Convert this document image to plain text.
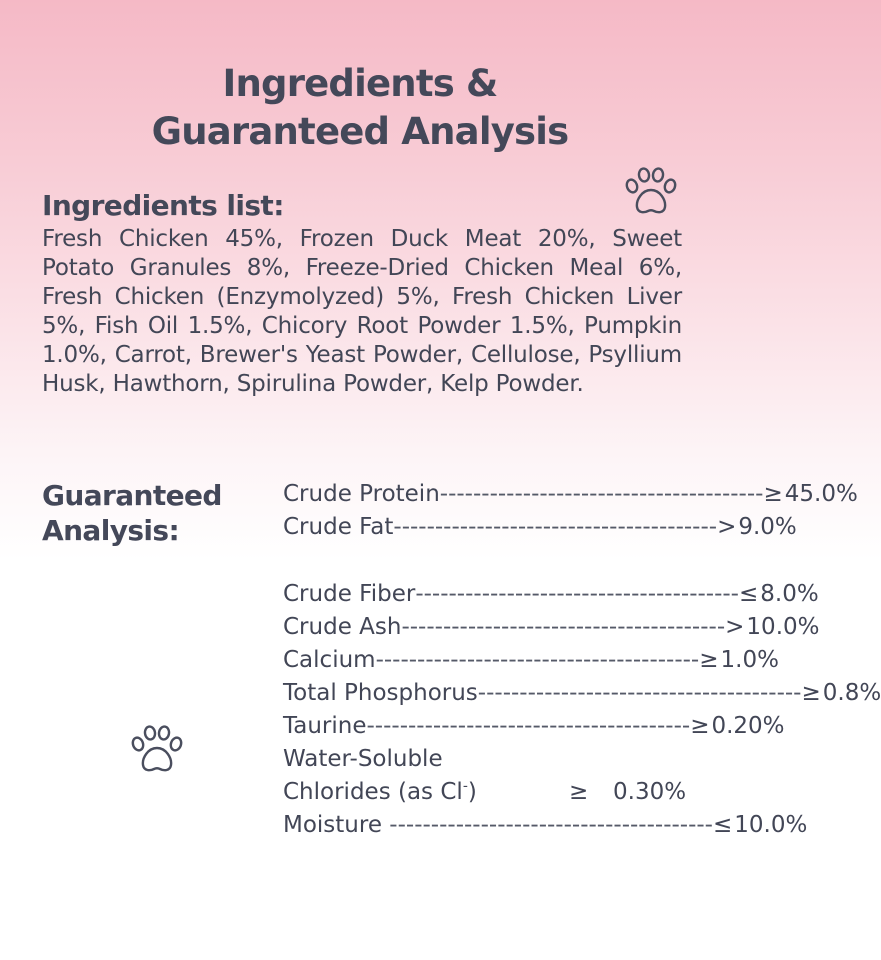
Ingredients &
Guaranteed Analysis
Ingredients list:
Fresh Chicken 45%, Frozen Duck Meat 20%, Sweet Potato Granules 8%, Freeze-Dried Chicken Meal 6%, Fresh Chicken (Enzymolyzed) 5%, Fresh Chicken Liver 5%, Fish Oil 1.5%, Chicory Root Powder 1.5%, Pumpkin 1.0%, Carrot, Brewer's Yeast Powder, Cellulose, Psyllium Husk, Hawthorn, Spirulina Powder, Kelp Powder.
Guaranteed
Analysis:
Crude Protein --------------------------------------- ≥ 45.0%
Crude Fat --------------------------------------- > 9.0%
Crude Fiber --------------------------------------- ≤ 8.0%
Crude Ash --------------------------------------- > 10.0%
Calcium --------------------------------------- ≥ 1.0%
Total Phosphorus --------------------------------------- ≥ 0.8%
Taurine --------------------------------------- ≥ 0.20%
Water-Soluble
Chlorides (as Cl-)	≥	0.30%
Moisture --------------------------------------- ≤ 10.0%
